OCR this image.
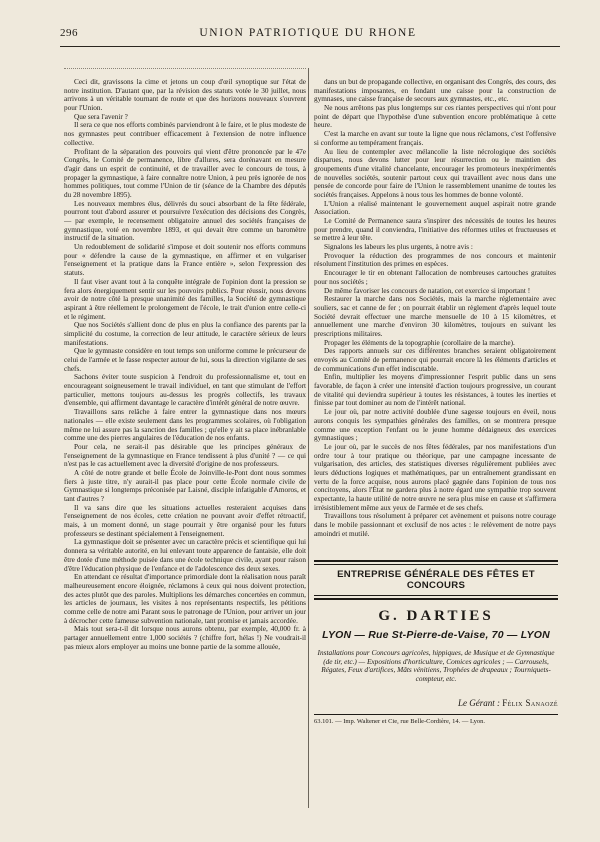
296	UNION PATRIOTIQUE DU RHONE

Ceci dit, gravissons la cime et jetons un coup d'œil synoptique sur l'état de notre institution. D'autant que, par la révision des statuts votée le 30 juillet, nous arrivons à un véritable tournant de route et que des horizons nouveaux s'ouvrent pour l'Union.

Que sera l'avenir ?

Il sera ce que nos efforts combinés parviendront à le faire, et le plus modeste de nos gymnastes peut contribuer efficacement à l'extension de notre influence collective.

Profitant de la séparation des pouvoirs qui vient d'être prononcée par le 47e Congrès, le Comité de permanence, libre d'allures, sera dorénavant en mesure d'agir dans un esprit de continuité, et de travailler avec le concours de tous, à propager la gymnastique, à faire connaître notre Union, à peu près ignorée de nos hommes politiques, tout comme l'Union de tir (séance de la Chambre des députés du 28 novembre 1895).

Les nouveaux membres élus, délivrés du souci absorbant de la fête fédérale, pourront tout d'abord assurer et poursuivre l'exécution des décisions des Congrès, — par exemple, le recensement obligatoire annuel des sociétés françaises de gymnastique, voté en novembre 1893, et qui devait être comme un baromètre instructif de la situation.

Un redoublement de solidarité s'impose et doit soutenir nos efforts communs pour « défendre la cause de la gymnastique, en affirmer et en vulgariser l'enseignement et la pratique dans la France entière », selon l'expression des statuts.

Il faut viser avant tout à la conquête intégrale de l'opinion dont la pression se fera alors énergiquement sentir sur les pouvoirs publics. Pour réussir, nous devons avoir de notre côté la presque unanimité des familles, la Société de gymnastique aspirant à être réellement le prolongement de l'école, le trait d'union entre celle-ci et le régiment.

Que nos Sociétés s'allient donc de plus en plus la confiance des parents par la simplicité du costume, la correction de leur attitude, le caractère sérieux de leurs manifestations.

Que le gymnaste considère en tout temps son uniforme comme le précurseur de celui de l'armée et le fasse respecter autour de lui, sous la direction vigilante de ses chefs.

Sachons éviter toute suspicion à l'endroit du professionnalisme et, tout en encourageant soigneusement le travail individuel, en tant que stimulant de l'effort particulier, mettons toujours au-dessus les progrès collectifs, les travaux d'ensemble, qui affirment davantage le caractère d'intérêt général de notre œuvre.

Travaillons sans relâche à faire entrer la gymnastique dans nos mœurs nationales — elle existe seulement dans les programmes scolaires, où l'obligation même ne lui assure pas la sanction des familles ; qu'elle y ait sa place inébranlable comme une des pierres angulaires de l'éducation de nos enfants.

Pour cela, ne serait-il pas désirable que les principes généraux de l'enseignement de la gymnastique en France tendissent à plus d'unité ? — ce qui n'est pas le cas actuellement avec la diversité d'origine de nos professeurs.

A côté de notre grande et belle École de Joinville-le-Pont dont nous sommes fiers à juste titre, n'y aurait-il pas place pour cette École normale civile de Gymnastique si longtemps préconisée par Laisné, disciple infatigable d'Amoros, et tant d'autres ?

Il va sans dire que les situations actuelles resteraient acquises dans l'enseignement de nos écoles, cette création ne pouvant avoir d'effet rétroactif, mais, à un moment donné, un stage pourrait y être organisé pour les futurs professeurs se destinant spécialement à l'enseignement.

La gymnastique doit se présenter avec un caractère précis et scientifique qui lui donnera sa véritable autorité, en lui enlevant toute apparence de fantaisie, elle doit être dotée d'une méthode puisée dans une école technique civile, ayant pour raison d'être l'éducation physique de l'enfance et de l'adolescence des deux sexes.

En attendant ce résultat d'importance primordiale dont la réalisation nous paraît malheureusement encore éloignée, réclamons à ceux qui nous doivent protection, des actes plutôt que des paroles. Multiplions les démarches concertées en commun, les articles de journaux, les visites à nos représentants respectifs, les pétitions comme celle de notre ami Parant sous le patronage de l'Union, pour arriver un jour à décrocher cette fameuse subvention nationale, tant promise et jamais accordée.

Mais tout sera-t-il dit lorsque nous aurons obtenu, par exemple, 40,000 fr. à partager annuellement entre 1,000 sociétés ? (chiffre fort, hélas !) Ne voudrait-il pas mieux alors employer au moins une bonne partie de la somme allouée,

dans un but de propagande collective, en organisant des Congrès, des cours, des manifestations imposantes, en fondant une caisse pour la construction de gymnases, une caisse française de secours aux gymnastes, etc., etc.

Ne nous arrêtons pas plus longtemps sur ces riantes perspectives qui n'ont pour point de départ que l'hypothèse d'une subvention encore problématique à cette heure.

C'est la marche en avant sur toute la ligne que nous réclamons, c'est l'offensive si conforme au tempérament français.

Au lieu de contempler avec mélancolie la liste nécrologique des sociétés disparues, nous devons lutter pour leur résurrection ou le maintien des groupements d'une vitalité chancelante, encourager les promoteurs inexpérimentés de nouvelles sociétés, soutenir partout ceux qui travaillent avec nous dans une pensée de concorde pour faire de l'Union le rassemblement unanime de toutes les sociétés françaises. Appelons à nous tous les hommes de bonne volonté.

L'Union a réalisé maintenant le gouvernement auquel aspirait notre grande Association.

Le Comité de Permanence saura s'inspirer des nécessités de toutes les heures pour prendre, quand il conviendra, l'initiative des réformes utiles et fructueuses et se mettre à leur tête.

Signalons les labeurs les plus urgents, à notre avis :

Provoquer la réduction des programmes de nos concours et maintenir résolument l'institution des primes en espèces.

Encourager le tir en obtenant l'allocation de nombreuses cartouches gratuites pour nos sociétés ;

De même favoriser les concours de natation, cet exercice si important !

Restaurer la marche dans nos Sociétés, mais la marche réglementaire avec souliers, sac et canne de fer ; on pourrait établir un règlement d'après lequel toute Société devrait effectuer une marche mensuelle de 10 à 15 kilomètres, et annuellement une marche d'environ 30 kilomètres, toujours en suivant les prescriptions militaires.

Propager les éléments de la topographie (corollaire de la marche).

Des rapports annuels sur ces différentes branches seraient obligatoirement envoyés au Comité de permanence qui pourrait encore là les éléments d'articles et de communications d'un effet indiscutable.

Enfin, multiplier les moyens d'impressionner l'esprit public dans un sens favorable, de façon à créer une intensité d'action toujours progressive, un courant de vitalité qui deviendra supérieur à toutes les résistances, à toutes les inerties et finisse par tout dominer au nom de l'intérêt national.

Le jour où, par notre activité doublée d'une sagesse toujours en éveil, nous aurons conquis les sympathies générales des familles, on se montrera presque comme une exception l'enfant ou le jeune homme dédaigneux des exercices gymnastiques ;

Le jour où, par le succès de nos fêtes fédérales, par nos manifestations d'un ordre tour à tour pratique ou théorique, par une campagne incessante de vulgarisation, des articles, des statistiques diverses régulièrement publiées avec leurs déductions logiques et mathématiques, par un entraînement grandissant en vertu de la force acquise, nous aurons placé gagnée dans l'opinion de tous nos concitoyens, alors l'État ne gardera plus à notre égard une sympathie trop souvent expectante, la haute utilité de notre œuvre ne sera plus mise en cause et s'affirmera irrésistiblement même aux yeux de l'armée et de ses chefs.

Travaillons tous résolument à préparer cet avènement et puisons notre courage dans le mobile passionnant et exclusif de nos actes : le relèvement de notre pays amoindri et mutilé.

ENTREPRISE GÉNÉRALE DES FÊTES ET CONCOURS
G. DARTIES
LYON — Rue St-Pierre-de-Vaise, 70 — LYON
Installations pour Concours agricoles, hippiques, de Musique et de Gymnastique (de tir, etc.) — Expositions d'horticulture, Comices agricoles ; — Carrousels, Régates, Feux d'artifices, Mâts vénitiens, Trophées de drapeaux ; Tourniquets-compteur, etc.
Le Gérant : Félix Sanaozé
63.101. — Imp. Waltener et Cie, rue Belle-Cordière, 14. — Lyon.
